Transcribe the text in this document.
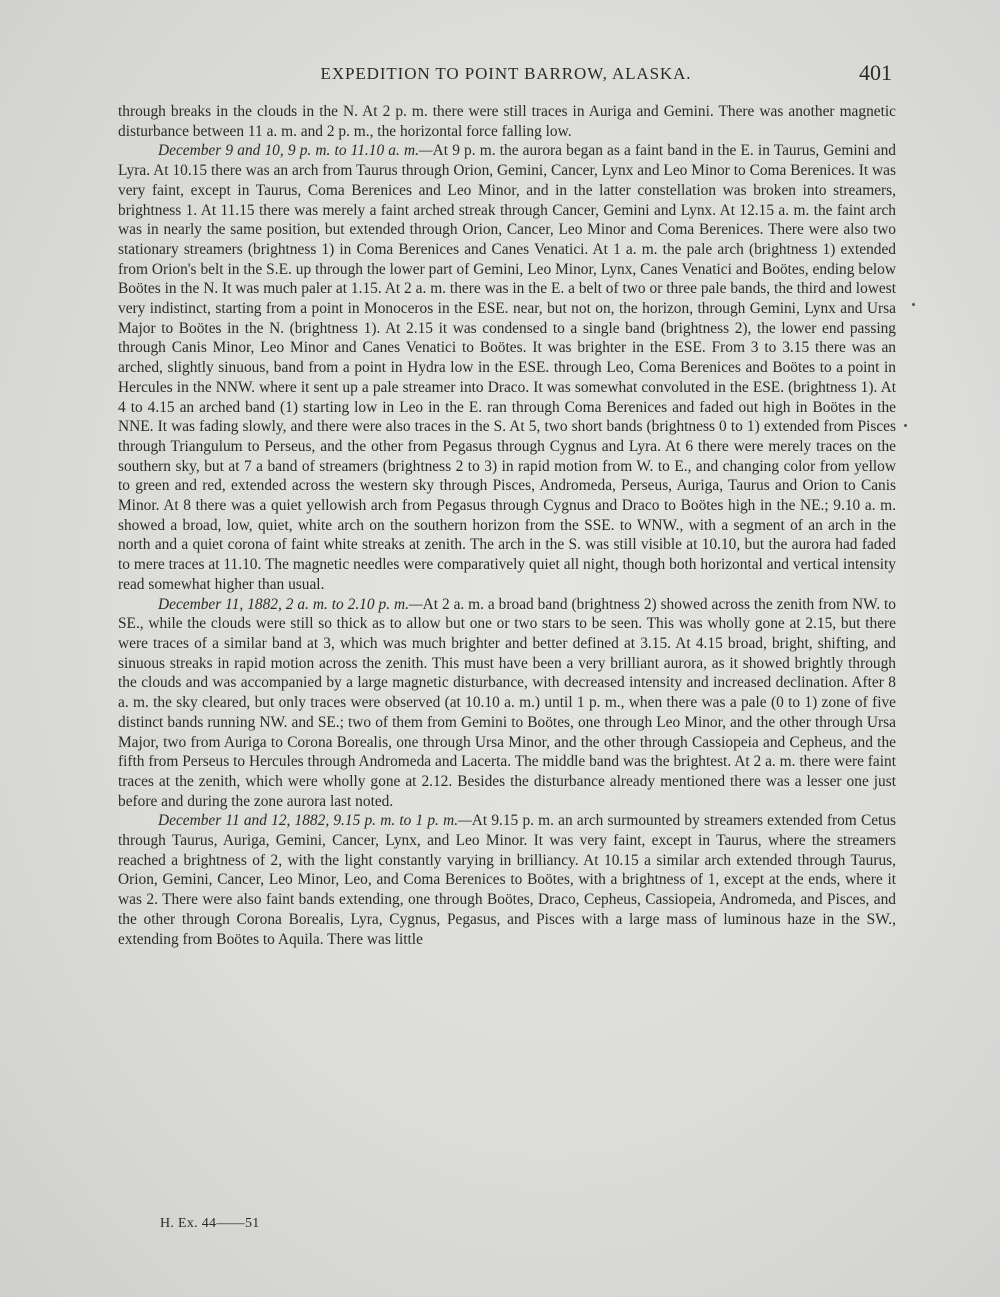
EXPEDITION TO POINT BARROW, ALASKA.	401

through breaks in the clouds in the N. At 2 p. m. there were still traces in Auriga and Gemini. There was another magnetic disturbance between 11 a. m. and 2 p. m., the horizontal force falling low.

December 9 and 10, 9 p. m. to 11.10 a. m.—At 9 p. m. the aurora began as a faint band in the E. in Taurus, Gemini and Lyra. At 10.15 there was an arch from Taurus through Orion, Gemini, Cancer, Lynx and Leo Minor to Coma Berenices. It was very faint, except in Taurus, Coma Berenices and Leo Minor, and in the latter constellation was broken into streamers, brightness 1. At 11.15 there was merely a faint arched streak through Cancer, Gemini and Lynx. At 12.15 a. m. the faint arch was in nearly the same position, but extended through Orion, Cancer, Leo Minor and Coma Berenices. There were also two stationary streamers (brightness 1) in Coma Berenices and Canes Venatici. At 1 a. m. the pale arch (brightness 1) extended from Orion's belt in the S.E. up through the lower part of Gemini, Leo Minor, Lynx, Canes Venatici and Boötes, ending below Boötes in the N. It was much paler at 1.15. At 2 a. m. there was in the E. a belt of two or three pale bands, the third and lowest very indistinct, starting from a point in Monoceros in the ESE. near, but not on, the horizon, through Gemini, Lynx and Ursa Major to Boötes in the N. (brightness 1). At 2.15 it was condensed to a single band (brightness 2), the lower end passing through Canis Minor, Leo Minor and Canes Venatici to Boötes. It was brighter in the ESE. From 3 to 3.15 there was an arched, slightly sinuous, band from a point in Hydra low in the ESE. through Leo, Coma Berenices and Boötes to a point in Hercules in the NNW. where it sent up a pale streamer into Draco. It was somewhat convoluted in the ESE. (brightness 1). At 4 to 4.15 an arched band (1) starting low in Leo in the E. ran through Coma Berenices and faded out high in Boötes in the NNE. It was fading slowly, and there were also traces in the S. At 5, two short bands (brightness 0 to 1) extended from Pisces through Triangulum to Perseus, and the other from Pegasus through Cygnus and Lyra. At 6 there were merely traces on the southern sky, but at 7 a band of streamers (brightness 2 to 3) in rapid motion from W. to E., and changing color from yellow to green and red, extended across the western sky through Pisces, Andromeda, Perseus, Auriga, Taurus and Orion to Canis Minor. At 8 there was a quiet yellowish arch from Pegasus through Cygnus and Draco to Boötes high in the NE.; 9.10 a. m. showed a broad, low, quiet, white arch on the southern horizon from the SSE. to WNW., with a segment of an arch in the north and a quiet corona of faint white streaks at zenith. The arch in the S. was still visible at 10.10, but the aurora had faded to mere traces at 11.10. The magnetic needles were comparatively quiet all night, though both horizontal and vertical intensity read somewhat higher than usual.

December 11, 1882, 2 a. m. to 2.10 p. m.—At 2 a. m. a broad band (brightness 2) showed across the zenith from NW. to SE., while the clouds were still so thick as to allow but one or two stars to be seen. This was wholly gone at 2.15, but there were traces of a similar band at 3, which was much brighter and better defined at 3.15. At 4.15 broad, bright, shifting, and sinuous streaks in rapid motion across the zenith. This must have been a very brilliant aurora, as it showed brightly through the clouds and was accompanied by a large magnetic disturbance, with decreased intensity and increased declination. After 8 a. m. the sky cleared, but only traces were observed (at 10.10 a. m.) until 1 p. m., when there was a pale (0 to 1) zone of five distinct bands running NW. and SE.; two of them from Gemini to Boötes, one through Leo Minor, and the other through Ursa Major, two from Auriga to Corona Borealis, one through Ursa Minor, and the other through Cassiopeia and Cepheus, and the fifth from Perseus to Hercules through Andromeda and Lacerta. The middle band was the brightest. At 2 a. m. there were faint traces at the zenith, which were wholly gone at 2.12. Besides the disturbance already mentioned there was a lesser one just before and during the zone aurora last noted.

December 11 and 12, 1882, 9.15 p. m. to 1 p. m.—At 9.15 p. m. an arch surmounted by streamers extended from Cetus through Taurus, Auriga, Gemini, Cancer, Lynx, and Leo Minor. It was very faint, except in Taurus, where the streamers reached a brightness of 2, with the light constantly varying in brilliancy. At 10.15 a similar arch extended through Taurus, Orion, Gemini, Cancer, Leo Minor, Leo, and Coma Berenices to Boötes, with a brightness of 1, except at the ends, where it was 2. There were also faint bands extending, one through Boötes, Draco, Cepheus, Cassiopeia, Andromeda, and Pisces, and the other through Corona Borealis, Lyra, Cygnus, Pegasus, and Pisces with a large mass of luminous haze in the SW., extending from Boötes to Aquila. There was little

H. Ex. 44——51
